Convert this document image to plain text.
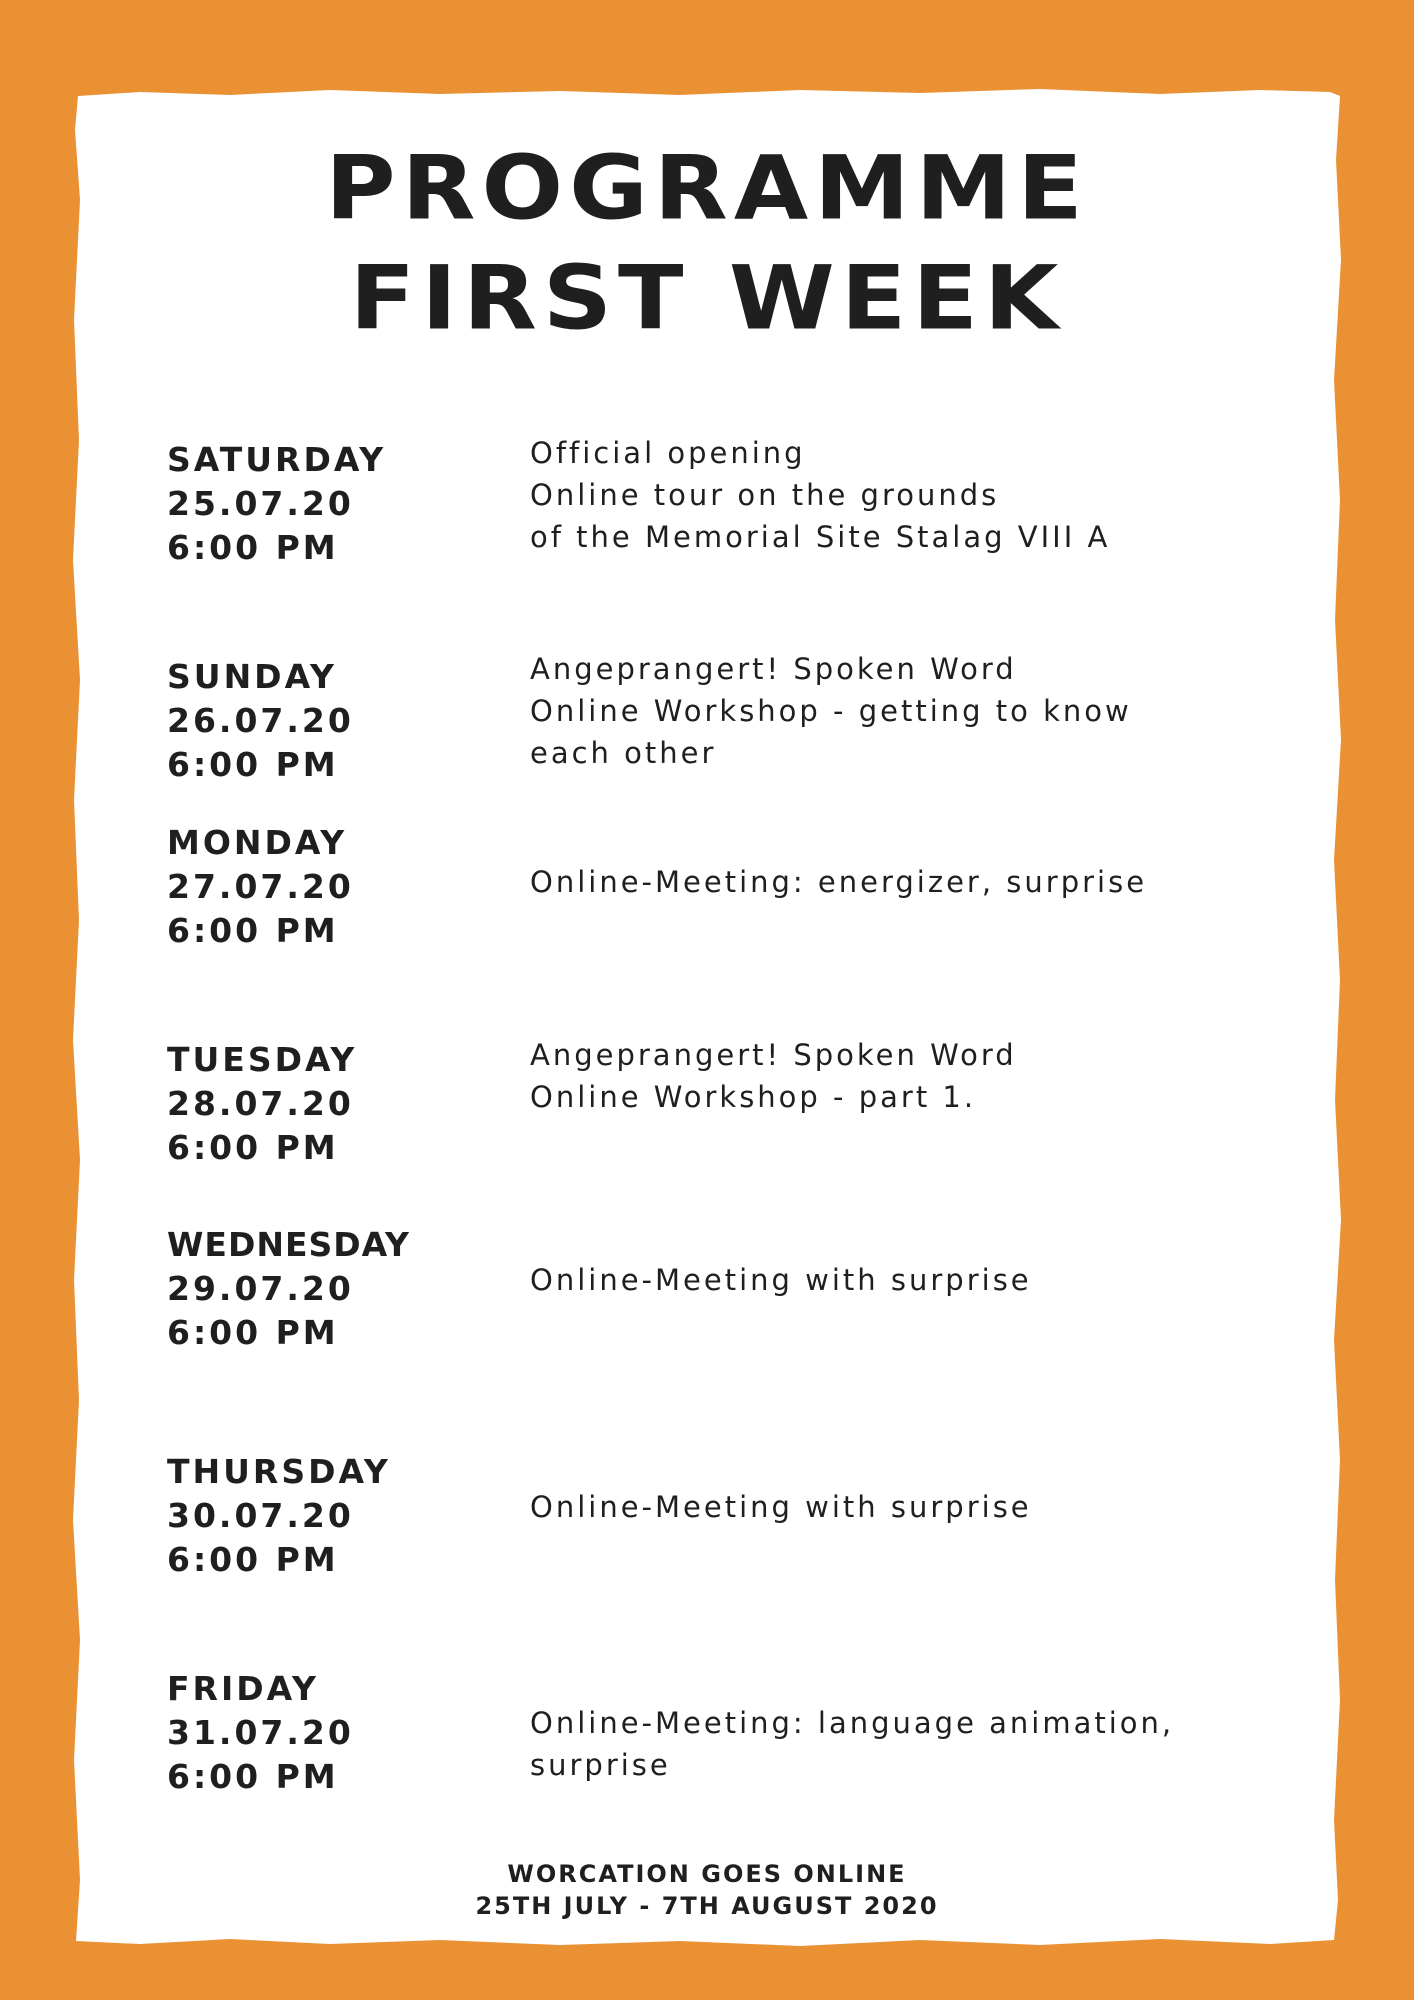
PROGRAMME
FIRST WEEK
SATURDAY
25.07.20
6:00 PM
Official opening
Online tour on the grounds
of the Memorial Site Stalag VIII A
SUNDAY
26.07.20
6:00 PM
Angeprangert! Spoken Word
Online Workshop - getting to know
each other
MONDAY
27.07.20
6:00 PM
Online-Meeting: energizer, surprise
TUESDAY
28.07.20
6:00 PM
Angeprangert! Spoken Word
Online Workshop - part 1.
WEDNESDAY
29.07.20
6:00 PM
Online-Meeting with surprise
THURSDAY
30.07.20
6:00 PM
Online-Meeting with surprise
FRIDAY
31.07.20
6:00 PM
Online-Meeting: language animation,
surprise
WORCATION GOES ONLINE
25TH JULY - 7TH AUGUST 2020
